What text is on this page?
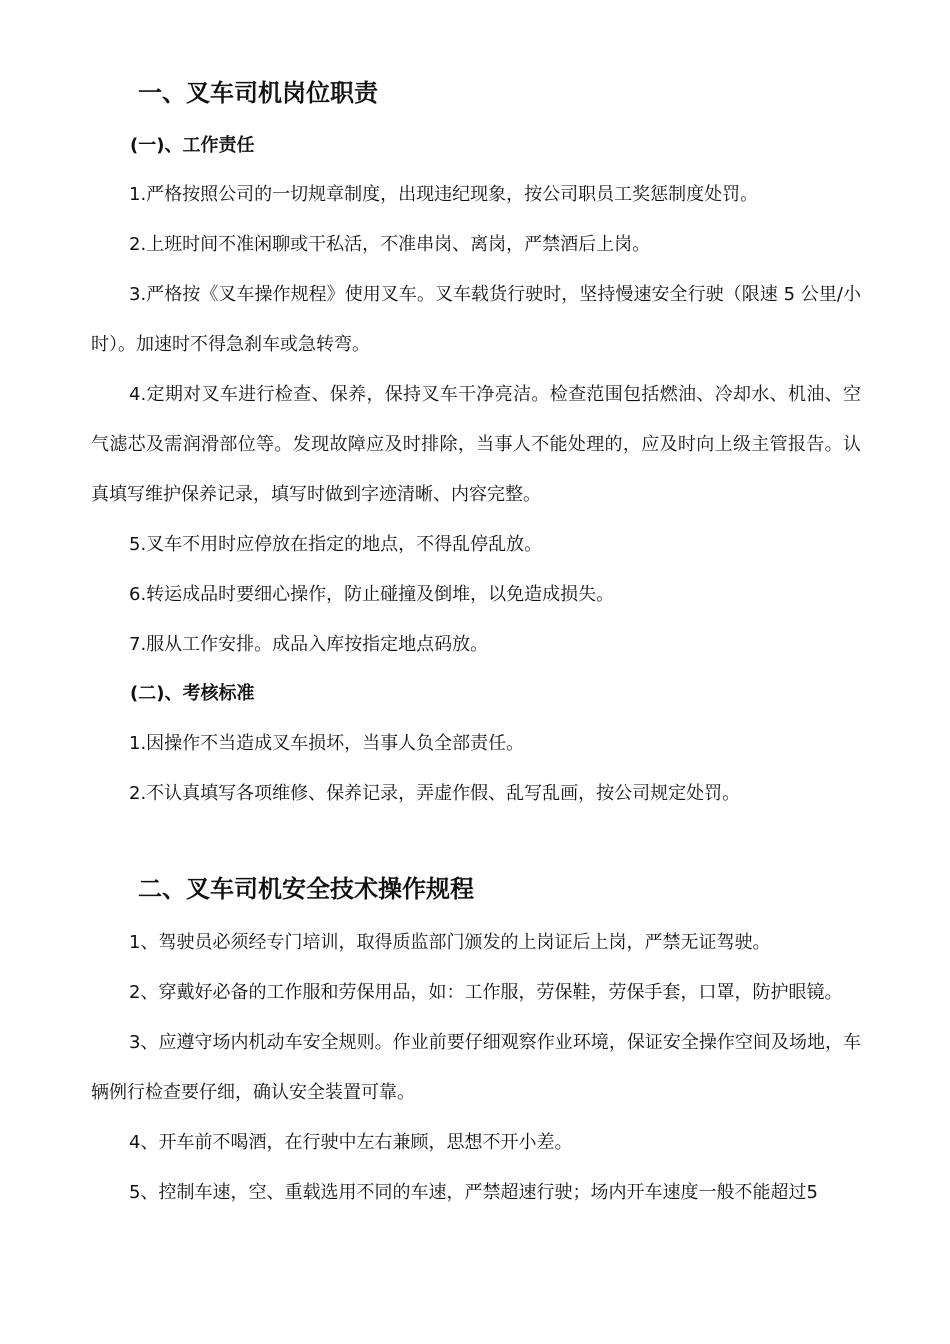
一、叉车司机岗位职责
(一)、工作责任
1.严格按照公司的一切规章制度，出现违纪现象，按公司职员工奖惩制度处罚。
2.上班时间不准闲聊或干私活，不准串岗、离岗，严禁酒后上岗。
3.严格按《叉车操作规程》使用叉车。叉车载货行驶时，坚持慢速安全行驶（限速 5 公里/小时）。加速时不得急刹车或急转弯。
4.定期对叉车进行检查、保养，保持叉车干净亮洁。检查范围包括燃油、冷却水、机油、空气滤芯及需润滑部位等。发现故障应及时排除，当事人不能处理的，应及时向上级主管报告。认真填写维护保养记录，填写时做到字迹清晰、内容完整。
5.叉车不用时应停放在指定的地点，不得乱停乱放。
6.转运成品时要细心操作，防止碰撞及倒堆，以免造成损失。
7.服从工作安排。成品入库按指定地点码放。
(二)、考核标准
1.因操作不当造成叉车损坏，当事人负全部责任。
2.不认真填写各项维修、保养记录，弄虚作假、乱写乱画，按公司规定处罚。
二、叉车司机安全技术操作规程
1、驾驶员必须经专门培训，取得质监部门颁发的上岗证后上岗，严禁无证驾驶。
2、穿戴好必备的工作服和劳保用品，如：工作服，劳保鞋，劳保手套，口罩，防护眼镜。
3、应遵守场内机动车安全规则。作业前要仔细观察作业环境，保证安全操作空间及场地，车辆例行检查要仔细，确认安全装置可靠。
4、开车前不喝酒，在行驶中左右兼顾，思想不开小差。
5、控制车速，空、重载选用不同的车速，严禁超速行驶；场内开车速度一般不能超过5
